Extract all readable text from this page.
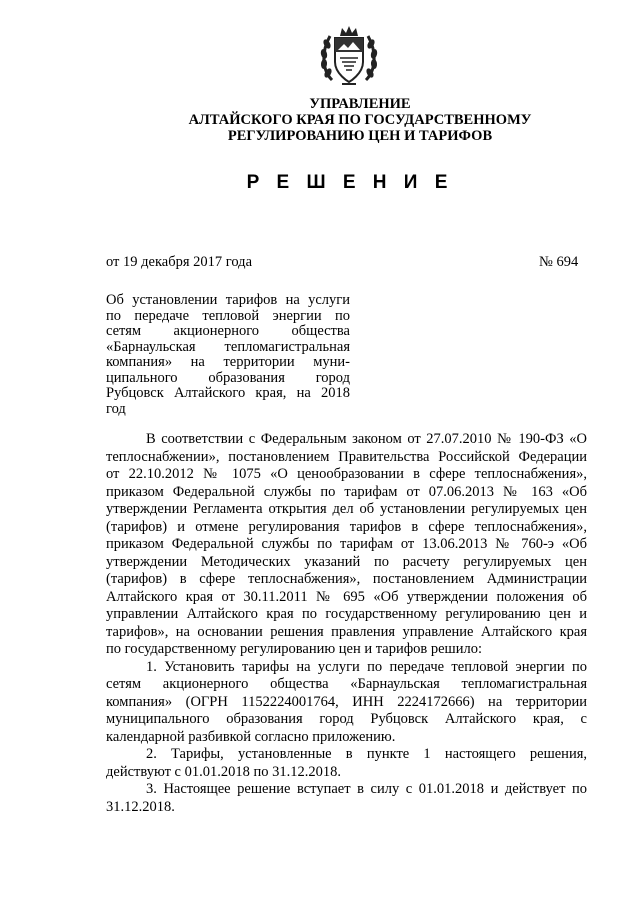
УПРАВЛЕНИЕ
АЛТАЙСКОГО КРАЯ ПО ГОСУДАРСТВЕННОМУ
РЕГУЛИРОВАНИЮ ЦЕН И ТАРИФОВ
Р Е Ш Е Н И Е
от 19 декабря 2017 года	№ 694
Об установлении тарифов на услуги
по передаче тепловой энергии по
сетям акционерного общества
«Барнаульская тепломагистральная
компания» на территории муни-
ципального образования город
Рубцовск Алтайского края, на 2018
год
В соответствии с Федеральным законом от 27.07.2010 № 190-ФЗ «О
теплоснабжении», постановлением Правительства Российской Федерации
от 22.10.2012 № 1075 «О ценообразовании в сфере теплоснабжения»,
приказом Федеральной службы по тарифам от 07.06.2013 № 163 «Об
утверждении Регламента открытия дел об установлении регулируемых цен
(тарифов) и отмене регулирования тарифов в сфере теплоснабжения»,
приказом Федеральной службы по тарифам от 13.06.2013 № 760-э «Об
утверждении Методических указаний по расчету регулируемых цен
(тарифов) в сфере теплоснабжения», постановлением Администрации
Алтайского края от 30.11.2011 № 695 «Об утверждении положения об
управлении Алтайского края по государственному регулированию цен и
тарифов», на основании решения правления управление Алтайского края
по государственному регулированию цен и тарифов решило:
1. Установить тарифы на услуги по передаче тепловой энергии по
сетям акционерного общества «Барнаульская тепломагистральная
компания» (ОГРН 1152224001764, ИНН 2224172666) на территории
муниципального образования город Рубцовск Алтайского края, с
календарной разбивкой согласно приложению.
2. Тарифы, установленные в пункте 1 настоящего решения,
действуют с 01.01.2018 по 31.12.2018.
3. Настоящее решение вступает в силу с 01.01.2018 и действует по
31.12.2018.
